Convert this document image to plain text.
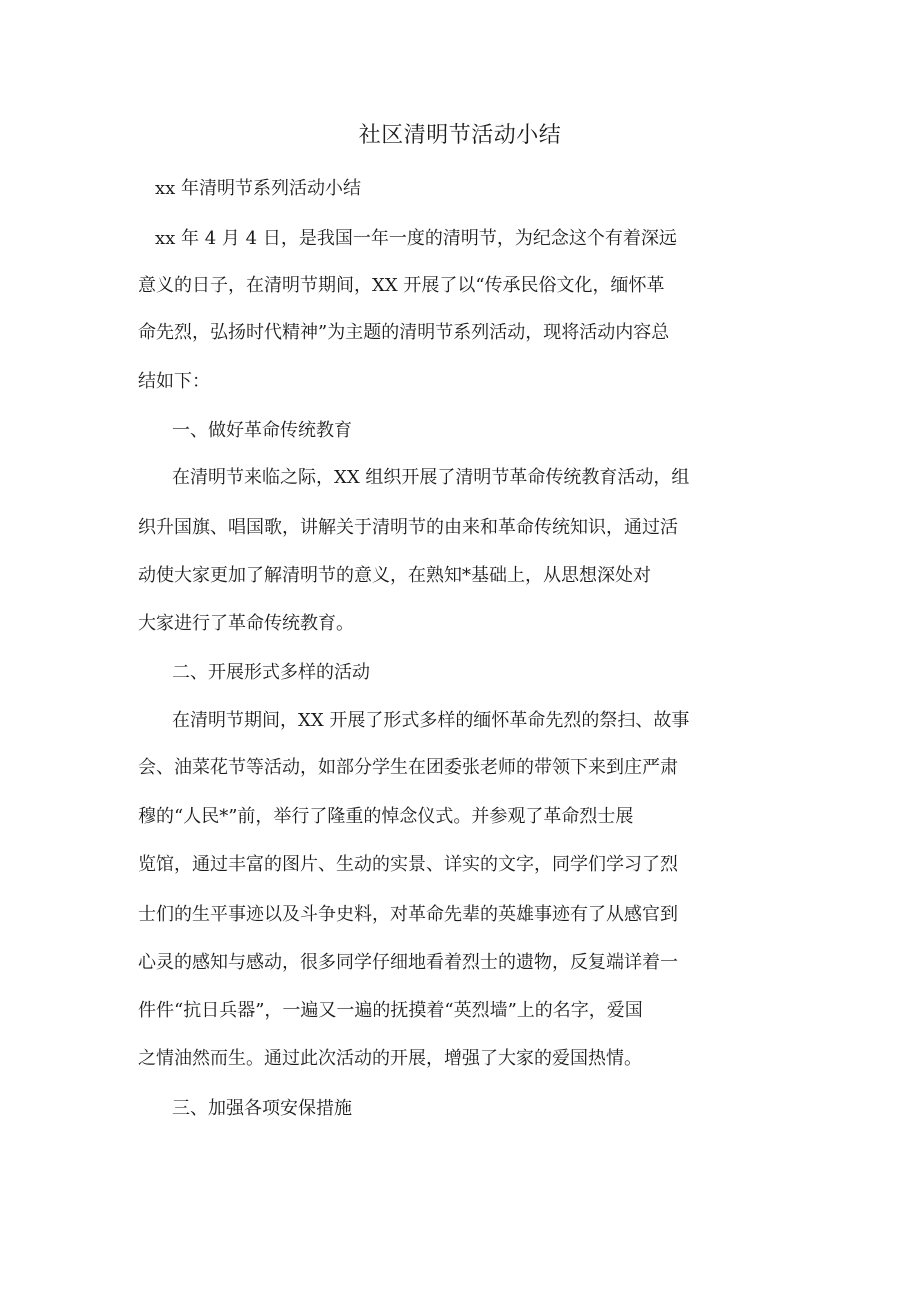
社区清明节活动小结

xx 年清明节系列活动小结

xx 年 4 月 4 日，是我国一年一度的清明节，为纪念这个有着深远

意义的日子，在清明节期间，XX 开展了以“传承民俗文化，缅怀革

命先烈，弘扬时代精神”为主题的清明节系列活动，现将活动内容总

结如下：

一、做好革命传统教育

在清明节来临之际，XX 组织开展了清明节革命传统教育活动，组

织升国旗、唱国歌，讲解关于清明节的由来和革命传统知识，通过活

动使大家更加了解清明节的意义，在熟知*基础上，从思想深处对

大家进行了革命传统教育。

二、开展形式多样的活动

在清明节期间，XX 开展了形式多样的缅怀革命先烈的祭扫、故事

会、油菜花节等活动，如部分学生在团委张老师的带领下来到庄严肃

穆的“人民*”前，举行了隆重的悼念仪式。并参观了革命烈士展

览馆，通过丰富的图片、生动的实景、详实的文字，同学们学习了烈

士们的生平事迹以及斗争史料，对革命先辈的英雄事迹有了从感官到

心灵的感知与感动，很多同学仔细地看着烈士的遗物，反复端详着一

件件“抗日兵器”，一遍又一遍的抚摸着“英烈墙”上的名字，爱国

之情油然而生。通过此次活动的开展，增强了大家的爱国热情。

三、加强各项安保措施
